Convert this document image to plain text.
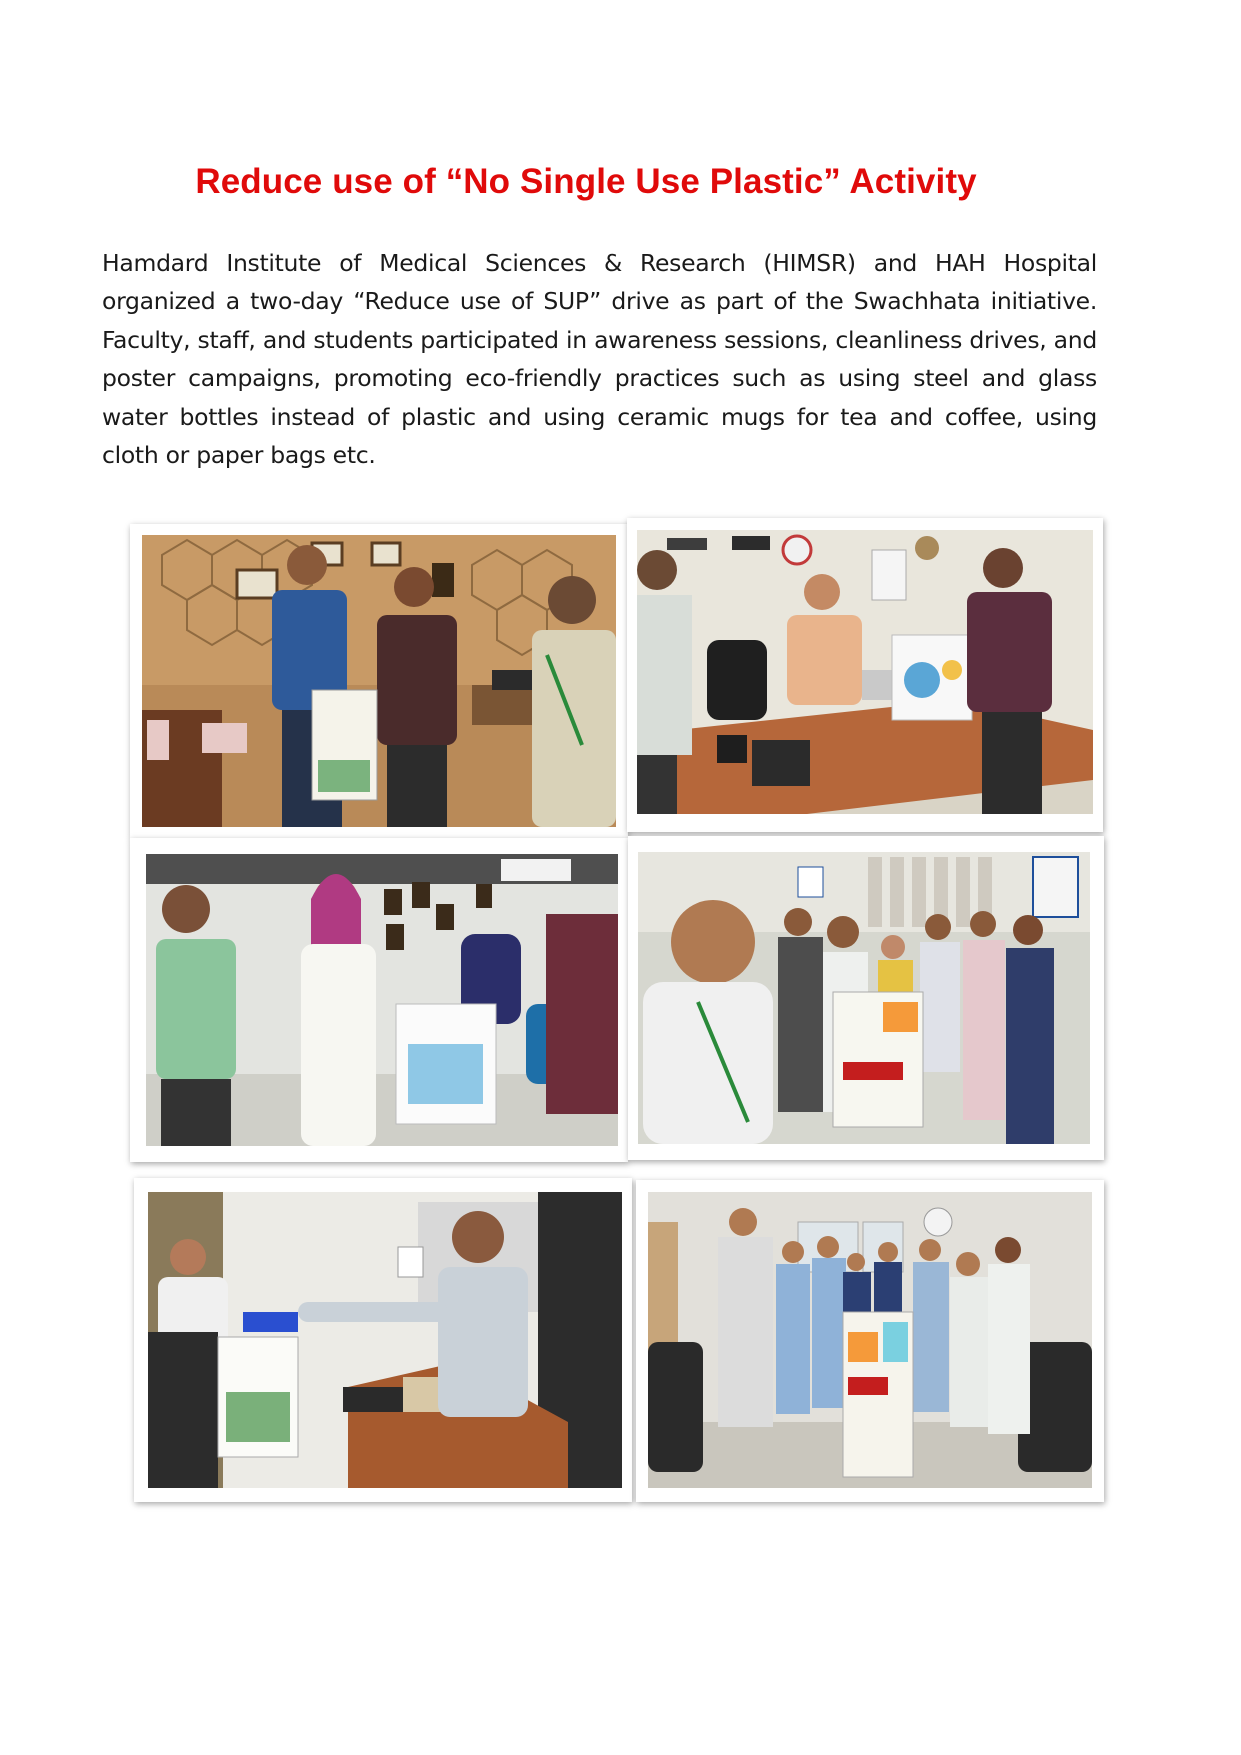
Reduce use of “No Single Use Plastic” Activity
Hamdard Institute of Medical Sciences & Research (HIMSR) and HAH Hospital organized a two-day “Reduce use of SUP” drive as part of the Swachhata initiative. Faculty, staff, and students participated in awareness sessions, cleanliness drives, and poster campaigns, promoting eco-friendly practices such as using steel and glass water bottles instead of plastic and using ceramic mugs for tea and coffee, using cloth or paper bags etc.
